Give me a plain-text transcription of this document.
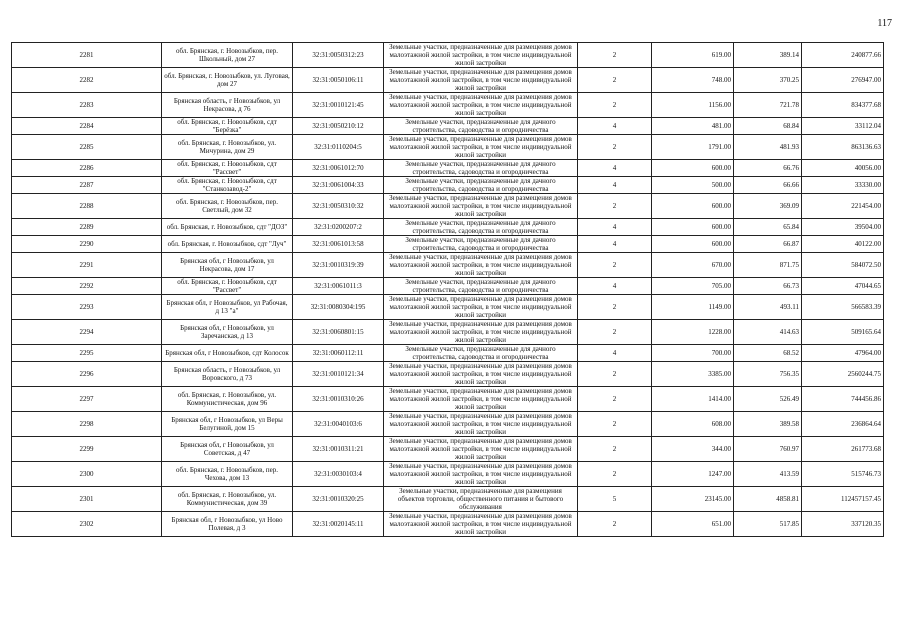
117
2281	обл. Брянская, г. Новозыбков, пер. Школьный, дом 27	32:31:0050312:23	Земельные участки, предназначенные для размещения домов малоэтажной жилой застройки, в том числе индивидуальной жилой застройки	2	619.00	389.14	240877.66
2282	обл. Брянская, г. Новозыбков, ул. Луговая, дом 27	32:31:0050106:11	Земельные участки, предназначенные для размещения домов малоэтажной жилой застройки, в том числе индивидуальной жилой застройки	2	748.00	370.25	276947.00
2283	Брянская область, г Новозыбков, ул Некрасова, д 76	32:31:0010121:45	Земельные участки, предназначенные для размещения домов малоэтажной жилой застройки, в том числе индивидуальной жилой застройки	2	1156.00	721.78	834377.68
2284	обл. Брянская, г. Новозыбков, сдт "Берёзка"	32:31:0050210:12	Земельные участки, предназначенные для дачного строительства, садоводства и огородничества	4	481.00	68.84	33112.04
2285	обл. Брянская, г. Новозыбков, ул. Мичурина, дом 29	32:31:0110204:5	Земельные участки, предназначенные для размещения домов малоэтажной жилой застройки, в том числе индивидуальной жилой застройки	2	1791.00	481.93	863136.63
2286	обл. Брянская, г. Новозыбков, сдт "Рассвет"	32:31:0061012:70	Земельные участки, предназначенные для дачного строительства, садоводства и огородничества	4	600.00	66.76	40056.00
2287	обл. Брянская, г. Новозыбков, сдт "Станкозавод-2"	32:31:0061004:33	Земельные участки, предназначенные для дачного строительства, садоводства и огородничества	4	500.00	66.66	33330.00
2288	обл. Брянская, г. Новозыбков, пер. Светлый, дом 32	32:31:0050310:32	Земельные участки, предназначенные для размещения домов малоэтажной жилой застройки, в том числе индивидуальной жилой застройки	2	600.00	369.09	221454.00
2289	обл. Брянская, г. Новозыбков, сдт "ДОЗ"	32:31:0200207:2	Земельные участки, предназначенные для дачного строительства, садоводства и огородничества	4	600.00	65.84	39504.00
2290	обл. Брянская, г. Новозыбков, сдт "Луч"	32:31:0061013:58	Земельные участки, предназначенные для дачного строительства, садоводства и огородничества	4	600.00	66.87	40122.00
2291	Брянская обл, г Новозыбков, ул Некрасова, дом 17	32:31:0010319:39	Земельные участки, предназначенные для размещения домов малоэтажной жилой застройки, в том числе индивидуальной жилой застройки	2	670.00	871.75	584072.50
2292	обл. Брянская, г. Новозыбков, сдт "Рассвет"	32:31:0061011:3	Земельные участки, предназначенные для дачного строительства, садоводства и огородничества	4	705.00	66.73	47044.65
2293	Брянская обл, г Новозыбков, ул Рабочая, д 13 "а"	32:31:0080304:195	Земельные участки, предназначенные для размещения домов малоэтажной жилой застройки, в том числе индивидуальной жилой застройки	2	1149.00	493.11	566583.39
2294	Брянская обл, г Новозыбков, ул Заречанская, д 13	32:31:0060801:15	Земельные участки, предназначенные для размещения домов малоэтажной жилой застройки, в том числе индивидуальной жилой застройки	2	1228.00	414.63	509165.64
2295	Брянская обл, г Новозыбков, сдт Колосок	32:31:0060112:11	Земельные участки, предназначенные для дачного строительства, садоводства и огородничества	4	700.00	68.52	47964.00
2296	Брянская область, г Новозыбков, ул Воровского, д 73	32:31:0010121:34	Земельные участки, предназначенные для размещения домов малоэтажной жилой застройки, в том числе индивидуальной жилой застройки	2	3385.00	756.35	2560244.75
2297	обл. Брянская, г. Новозыбков, ул. Коммунистическая, дом 96	32:31:0010310:26	Земельные участки, предназначенные для размещения домов малоэтажной жилой застройки, в том числе индивидуальной жилой застройки	2	1414.00	526.49	744456.86
2298	Брянская обл, г Новозыбков, ул Веры Белугиной, дом 15	32:31:0040103:6	Земельные участки, предназначенные для размещения домов малоэтажной жилой застройки, в том числе индивидуальной жилой застройки	2	608.00	389.58	236864.64
2299	Брянская обл, г Новозыбков, ул Советская, д 47	32:31:0010311:21	Земельные участки, предназначенные для размещения домов малоэтажной жилой застройки, в том числе индивидуальной жилой застройки	2	344.00	760.97	261773.68
2300	обл. Брянская, г. Новозыбков, пер. Чехова, дом 13	32:31:0030103:4	Земельные участки, предназначенные для размещения домов малоэтажной жилой застройки, в том числе индивидуальной жилой застройки	2	1247.00	413.59	515746.73
2301	обл. Брянская, г. Новозыбков, ул. Коммунистическая, дом 39	32:31:0010320:25	Земельные участки, предназначенные для размещения объектов торговли, общественного питания и бытового обслуживания	5	23145.00	4858.81	112457157.45
2302	Брянская обл, г Новозыбков, ул Ново Полевая, д 3	32:31:0020145:11	Земельные участки, предназначенные для размещения домов малоэтажной жилой застройки, в том числе индивидуальной жилой застройки	2	651.00	517.85	337120.35
